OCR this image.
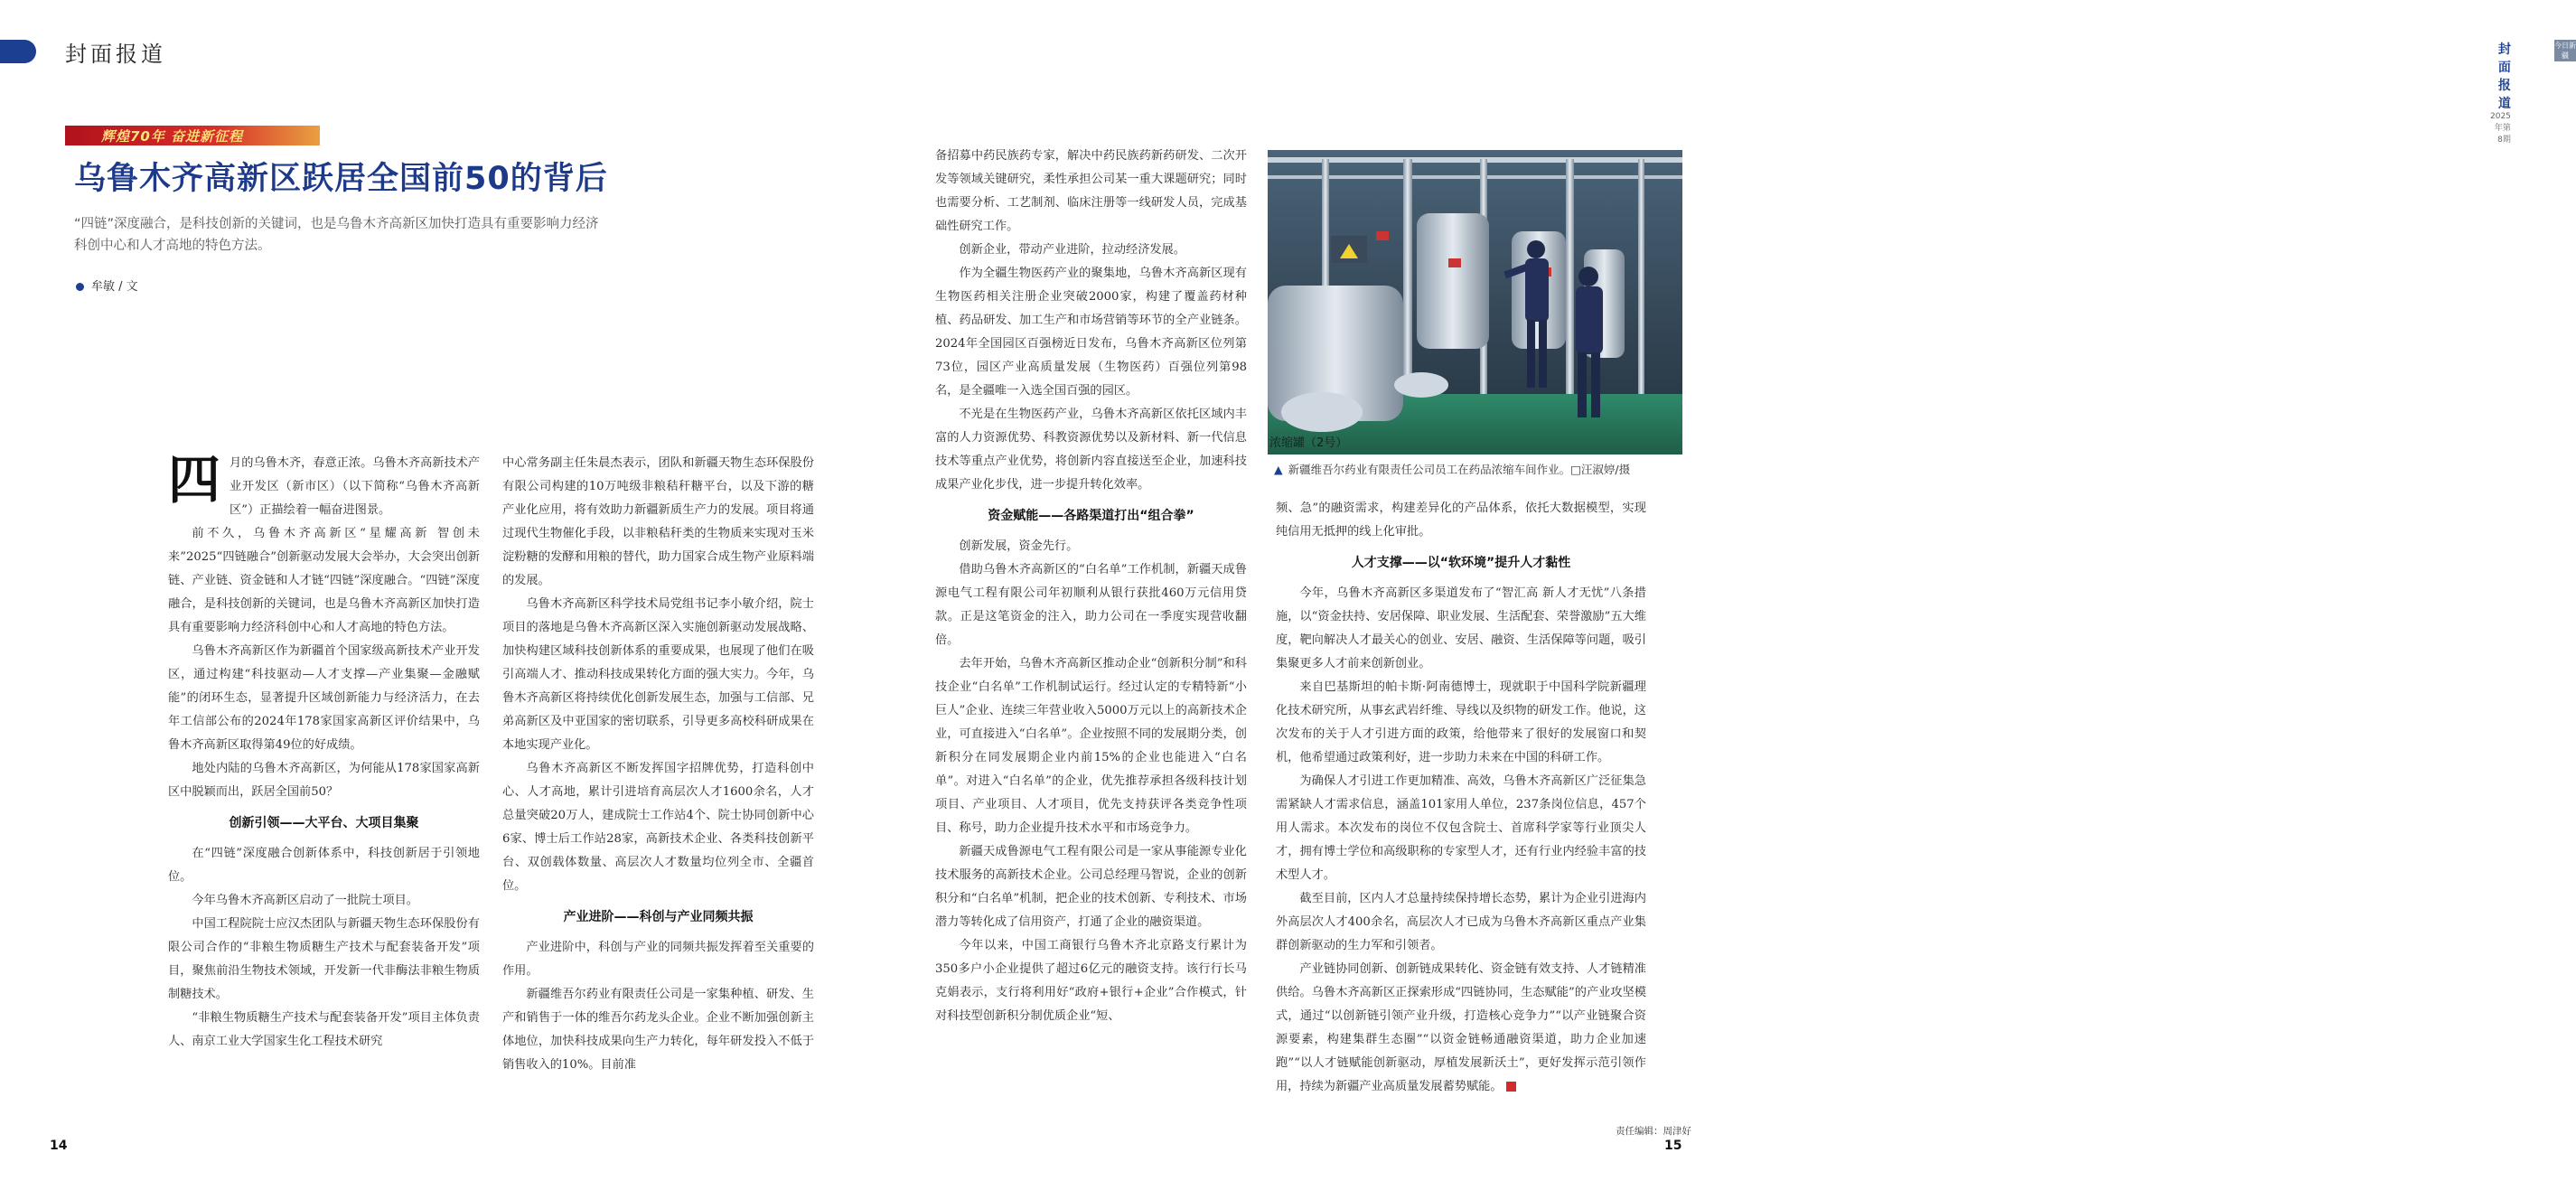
封面报道
辉煌70年 奋进新征程
乌鲁木齐高新区跃居全国前50的背后
“四链”深度融合，是科技创新的关键词，也是乌鲁木齐高新区加快打造具有重要影响力经济科创中心和人才高地的特色方法。
牟敏 / 文

四月的乌鲁木齐，春意正浓。乌鲁木齐高新技术产业开发区（新市区）（以下简称“乌鲁木齐高新区”）正描绘着一幅奋进图景。

前不久，乌鲁木齐高新区“星耀高新 智创未来”2025“四链融合”创新驱动发展大会举办，大会突出创新链、产业链、资金链和人才链“四链”深度融合。“四链”深度融合，是科技创新的关键词，也是乌鲁木齐高新区加快打造具有重要影响力经济科创中心和人才高地的特色方法。

乌鲁木齐高新区作为新疆首个国家级高新技术产业开发区，通过构建“科技驱动—人才支撑—产业集聚—金融赋能”的闭环生态，显著提升区域创新能力与经济活力，在去年工信部公布的2024年178家国家高新区评价结果中，乌鲁木齐高新区取得第49位的好成绩。

地处内陆的乌鲁木齐高新区，为何能从178家国家高新区中脱颖而出，跃居全国前50？

创新引领——大平台、大项目集聚

在“四链”深度融合创新体系中，科技创新居于引领地位。

今年乌鲁木齐高新区启动了一批院士项目。

中国工程院院士应汉杰团队与新疆天物生态环保股份有限公司合作的“非粮生物质糖生产技术与配套装备开发”项目，聚焦前沿生物技术领域，开发新一代非酶法非粮生物质制糖技术。

“非粮生物质糖生产技术与配套装备开发”项目主体负责人、南京工业大学国家生化工程技术研究

中心常务副主任朱晨杰表示，团队和新疆天物生态环保股份有限公司构建的10万吨级非粮秸秆糖平台，以及下游的糖产业化应用，将有效助力新疆新质生产力的发展。项目将通过现代生物催化手段，以非粮秸秆类的生物质来实现对玉米淀粉糖的发酵和用粮的替代，助力国家合成生物产业原料端的发展。

乌鲁木齐高新区科学技术局党组书记李小敏介绍，院士项目的落地是乌鲁木齐高新区深入实施创新驱动发展战略、加快构建区域科技创新体系的重要成果，也展现了他们在吸引高端人才、推动科技成果转化方面的强大实力。今年，乌鲁木齐高新区将持续优化创新发展生态，加强与工信部、兄弟高新区及中亚国家的密切联系，引导更多高校科研成果在本地实现产业化。

乌鲁木齐高新区不断发挥国字招牌优势，打造科创中心、人才高地，累计引进培育高层次人才1600余名，人才总量突破20万人，建成院士工作站4个、院士协同创新中心6家、博士后工作站28家，高新技术企业、各类科技创新平台、双创载体数量、高层次人才数量均位列全市、全疆首位。

产业进阶——科创与产业同频共振

产业进阶中，科创与产业的同频共振发挥着至关重要的作用。

新疆维吾尔药业有限责任公司是一家集种植、研发、生产和销售于一体的维吾尔药龙头企业。企业不断加强创新主体地位，加快科技成果向生产力转化，每年研发投入不低于销售收入的10%。目前准

14
封面报道
2025年第8期
今日新疆

备招募中药民族药专家，解决中药民族药新药研发、二次开发等领域关键研究，柔性承担公司某一重大课题研究；同时也需要分析、工艺制剂、临床注册等一线研发人员，完成基础性研究工作。

创新企业，带动产业进阶，拉动经济发展。

作为全疆生物医药产业的聚集地，乌鲁木齐高新区现有生物医药相关注册企业突破2000家，构建了覆盖药材种植、药品研发、加工生产和市场营销等环节的全产业链条。2024年全国园区百强榜近日发布，乌鲁木齐高新区位列第73位，园区产业高质量发展（生物医药）百强位列第98名，是全疆唯一入选全国百强的园区。

不光是在生物医药产业，乌鲁木齐高新区依托区域内丰富的人力资源优势、科教资源优势以及新材料、新一代信息技术等重点产业优势，将创新内容直接送至企业，加速科技成果产业化步伐，进一步提升转化效率。

资金赋能——各路渠道打出“组合拳”

创新发展，资金先行。

借助乌鲁木齐高新区的“白名单”工作机制，新疆天成鲁源电气工程有限公司年初顺利从银行获批460万元信用贷款。正是这笔资金的注入，助力公司在一季度实现营收翻倍。

去年开始，乌鲁木齐高新区推动企业“创新积分制”和科技企业“白名单”工作机制试运行。经过认定的专精特新“小巨人”企业、连续三年营业收入5000万元以上的高新技术企业，可直接进入“白名单”。企业按照不同的发展期分类，创新积分在同发展期企业内前15%的企业也能进入“白名单”。对进入“白名单”的企业，优先推荐承担各级科技计划项目、产业项目、人才项目，优先支持获评各类竞争性项目、称号，助力企业提升技术水平和市场竞争力。

新疆天成鲁源电气工程有限公司是一家从事能源专业化技术服务的高新技术企业。公司总经理马智说，企业的创新积分和“白名单”机制，把企业的技术创新、专利技术、市场潜力等转化成了信用资产，打通了企业的融资渠道。

今年以来，中国工商银行乌鲁木齐北京路支行累计为350多户小企业提供了超过6亿元的融资支持。该行行长马克娟表示，支行将利用好“政府+银行+企业”合作模式，针对科技型创新积分制优质企业“短、

频、急”的融资需求，构建差异化的产品体系，依托大数据模型，实现纯信用无抵押的线上化审批。

人才支撑——以“软环境”提升人才黏性

今年，乌鲁木齐高新区多渠道发布了“智汇高 新人才无忧”八条措施，以“资金扶持、安居保障、职业发展、生活配套、荣誉激励”五大维度，靶向解决人才最关心的创业、安居、融资、生活保障等问题，吸引集聚更多人才前来创新创业。

来自巴基斯坦的帕卡斯·阿南德博士，现就职于中国科学院新疆理化技术研究所，从事玄武岩纤维、导线以及织物的研发工作。他说，这次发布的关于人才引进方面的政策，给他带来了很好的发展窗口和契机，他希望通过政策利好，进一步助力未来在中国的科研工作。

为确保人才引进工作更加精准、高效，乌鲁木齐高新区广泛征集急需紧缺人才需求信息，涵盖101家用人单位，237条岗位信息，457个用人需求。本次发布的岗位不仅包含院士、首席科学家等行业顶尖人才，拥有博士学位和高级职称的专家型人才，还有行业内经验丰富的技术型人才。

截至目前，区内人才总量持续保持增长态势，累计为企业引进海内外高层次人才400余名，高层次人才已成为乌鲁木齐高新区重点产业集群创新驱动的生力军和引领者。

产业链协同创新、创新链成果转化、资金链有效支持、人才链精准供给。乌鲁木齐高新区正探索形成“四链协同，生态赋能”的产业攻坚模式，通过“以创新链引领产业升级，打造核心竞争力”“以产业链聚合资源要素，构建集群生态圈”“以资金链畅通融资渠道，助力企业加速跑”“以人才链赋能创新驱动，厚植发展新沃土”，更好发挥示范引领作用，持续为新疆产业高质量发展蓄势赋能。

责任编辑：周津好
15
浓缩罐（2号）
▲ 新疆维吾尔药业有限责任公司员工在药品浓缩车间作业。□汪淑婷/摄
